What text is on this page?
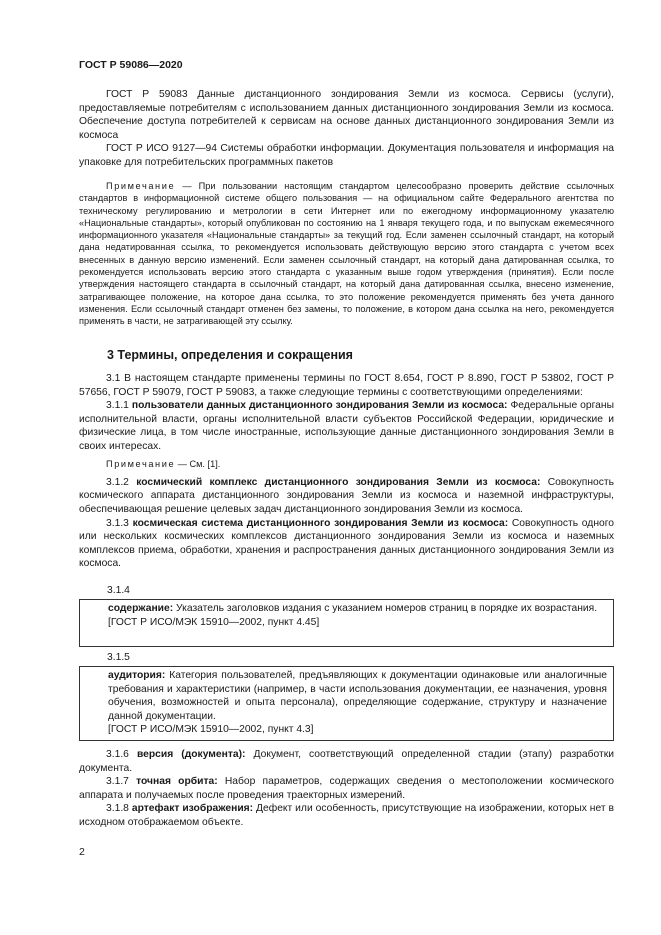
ГОСТ Р 59086—2020

ГОСТ Р 59083 Данные дистанционного зондирования Земли из космоса. Сервисы (услуги), предоставляемые потребителям с использованием данных дистанционного зондирования Земли из космоса. Обеспечение доступа потребителей к сервисам на основе данных дистанционного зондирования Земли из космоса

ГОСТ Р ИСО 9127—94 Системы обработки информации. Документация пользователя и информация на упаковке для потребительских программных пакетов

Примечание — При пользовании настоящим стандартом целесообразно проверить действие ссылочных стандартов в информационной системе общего пользования — на официальном сайте Федерального агентства по техническому регулированию и метрологии в сети Интернет или по ежегодному информационному указателю «Национальные стандарты», который опубликован по состоянию на 1 января текущего года, и по выпускам ежемесячного информационного указателя «Национальные стандарты» за текущий год. Если заменен ссылочный стандарт, на который дана недатированная ссылка, то рекомендуется использовать действующую версию этого стандарта с учетом всех внесенных в данную версию изменений. Если заменен ссылочный стандарт, на который дана датированная ссылка, то рекомендуется использовать версию этого стандарта с указанным выше годом утверждения (принятия). Если после утверждения настоящего стандарта в ссылочный стандарт, на который дана датированная ссылка, внесено изменение, затрагивающее положение, на которое дана ссылка, то это положение рекомендуется применять без учета данного изменения. Если ссылочный стандарт отменен без замены, то положение, в котором дана ссылка на него, рекомендуется применять в части, не затрагивающей эту ссылку.

3 Термины, определения и сокращения

3.1 В настоящем стандарте применены термины по ГОСТ 8.654, ГОСТ Р 8.890, ГОСТ Р 53802, ГОСТ Р 57656, ГОСТ Р 59079, ГОСТ Р 59083, а также следующие термины с соответствующими определениями:

3.1.1 пользователи данных дистанционного зондирования Земли из космоса: Федеральные органы исполнительной власти, органы исполнительной власти субъектов Российской Федерации, юридические и физические лица, в том числе иностранные, использующие данные дистанционного зондирования Земли в своих интересах.

Примечание — См. [1].

3.1.2 космический комплекс дистанционного зондирования Земли из космоса: Совокупность космического аппарата дистанционного зондирования Земли из космоса и наземной инфраструктуры, обеспечивающая решение целевых задач дистанционного зондирования Земли из космоса.

3.1.3 космическая система дистанционного зондирования Земли из космоса: Совокупность одного или нескольких космических комплексов дистанционного зондирования Земли из космоса и наземных комплексов приема, обработки, хранения и распространения данных дистанционного зондирования Земли из космоса.

3.1.4

содержание: Указатель заголовков издания с указанием номеров страниц в порядке их возрастания.

[ГОСТ Р ИСО/МЭК 15910—2002, пункт 4.45]

3.1.5

аудитория: Категория пользователей, предъявляющих к документации одинаковые или аналогичные требования и характеристики (например, в части использования документации, ее назначения, уровня обучения, возможностей и опыта персонала), определяющие содержание, структуру и назначение данной документации.

[ГОСТ Р ИСО/МЭК 15910—2002, пункт 4.3]

3.1.6 версия (документа): Документ, соответствующий определенной стадии (этапу) разработки документа.

3.1.7 точная орбита: Набор параметров, содержащих сведения о местоположении космического аппарата и получаемых после проведения траекторных измерений.

3.1.8 артефакт изображения: Дефект или особенность, присутствующие на изображении, которых нет в исходном отображаемом объекте.

2
